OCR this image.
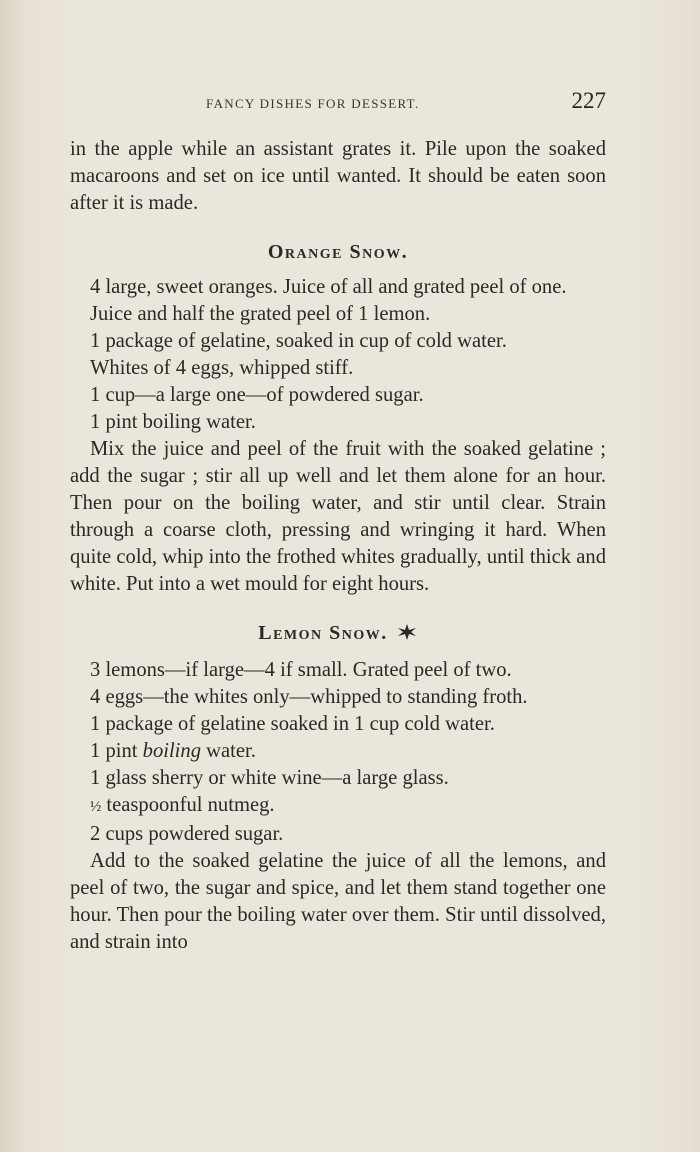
FANCY DISHES FOR DESSERT.	227

in the apple while an assistant grates it. Pile upon the soaked macaroons and set on ice until wanted. It should be eaten soon after it is made.

Orange Snow.

4 large, sweet oranges. Juice of all and grated peel of one.

Juice and half the grated peel of 1 lemon.

1 package of gelatine, soaked in cup of cold water.

Whites of 4 eggs, whipped stiff.

1 cup—a large one—of powdered sugar.

1 pint boiling water.

Mix the juice and peel of the fruit with the soaked gelatine ; add the sugar ; stir all up well and let them alone for an hour. Then pour on the boiling water, and stir until clear. Strain through a coarse cloth, pressing and wringing it hard. When quite cold, whip into the frothed whites gradually, until thick and white. Put into a wet mould for eight hours.

Lemon Snow.

3 lemons—if large—4 if small. Grated peel of two.

4 eggs—the whites only—whipped to standing froth.

1 package of gelatine soaked in 1 cup cold water.

1 pint boiling water.

1 glass sherry or white wine—a large glass.

½ teaspoonful nutmeg.

2 cups powdered sugar.

Add to the soaked gelatine the juice of all the lemons, and peel of two, the sugar and spice, and let them stand together one hour. Then pour the boiling water over them. Stir until dissolved, and strain into
